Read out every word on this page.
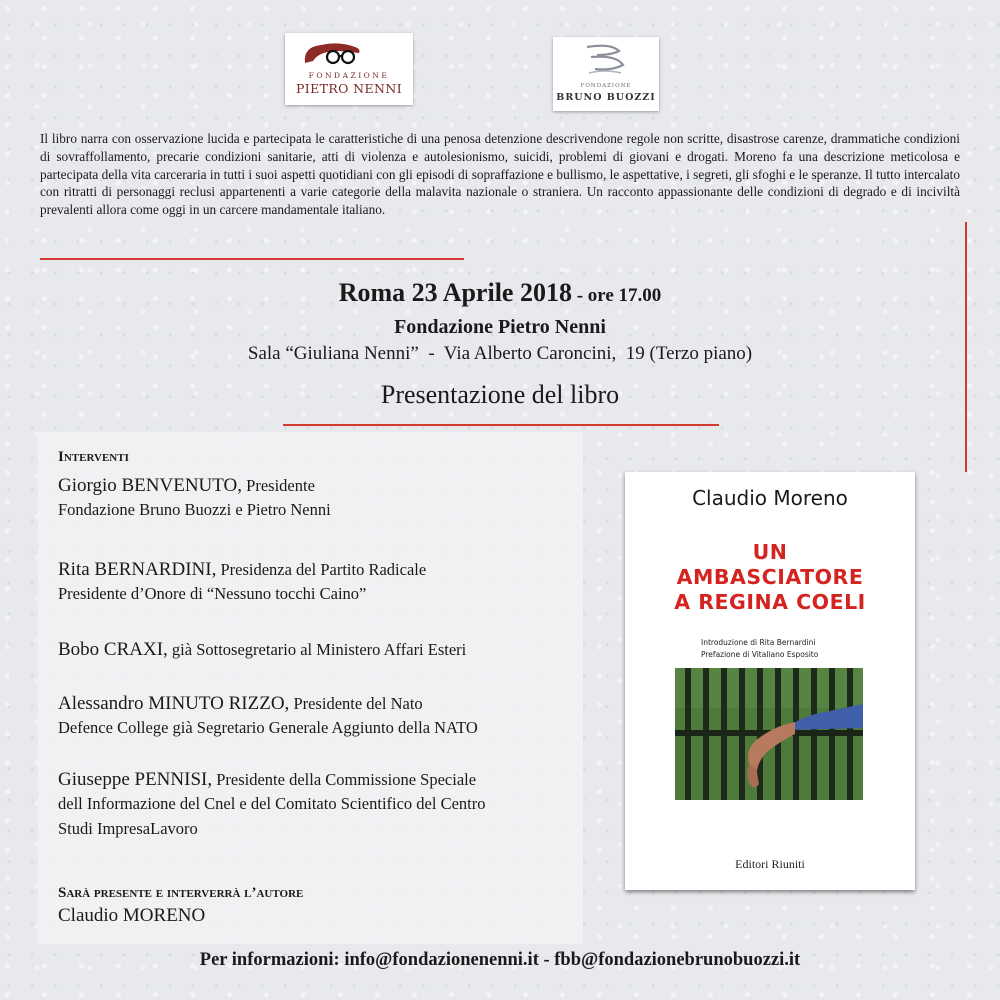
FONDAZIONE
PIETRO NENNI	FONDAZIONE
BRUNO BUOZZI
Il libro narra con osservazione lucida e partecipata le caratteristiche di una penosa detenzione descrivendone regole non scritte, disastrose carenze, drammatiche condizioni di sovraffollamento, precarie condizioni sanitarie, atti di violenza e autolesionismo, suicidi, problemi di giovani e drogati. Moreno fa una descrizione meticolosa e partecipata della vita carceraria in tutti i suoi aspetti quotidiani con gli episodi di sopraffazione e bullismo, le aspettative, i segreti, gli sfoghi e le speranze. Il tutto intercalato con ritratti di personaggi reclusi appartenenti a varie categorie della malavita nazionale o straniera. Un racconto appassionante delle condizioni di degrado e di inciviltà prevalenti allora come oggi in un carcere mandamentale italiano.
Roma 23 Aprile 2018 - ore 17.00
Fondazione Pietro Nenni
Sala “Giuliana Nenni”  -  Via Alberto Caroncini,  19 (Terzo piano)
Presentazione del libro
Interventi
Giorgio BENVENUTO, Presidente
Fondazione Bruno Buozzi e Pietro Nenni
Rita BERNARDINI, Presidenza del Partito Radicale
Presidente d’Onore di “Nessuno tocchi Caino”
Bobo CRAXI, già Sottosegretario al Ministero Affari Esteri
Alessandro MINUTO RIZZO, Presidente del Nato
Defence College già Segretario Generale Aggiunto della NATO
Giuseppe PENNISI, Presidente della Commissione Speciale
dell Informazione del Cnel e del Comitato Scientifico del Centro
Studi ImpresaLavoro
Sarà presente e interverrà l’autore
Claudio MORENO
Claudio Moreno
UN
AMBASCIATORE
A REGINA COELI
Introduzione di Rita Bernardini
Prefazione di Vitaliano Esposito
Editori Riuniti
Per informazioni: info@fondazionenenni.it - fbb@fondazionebrunobuozzi.it
